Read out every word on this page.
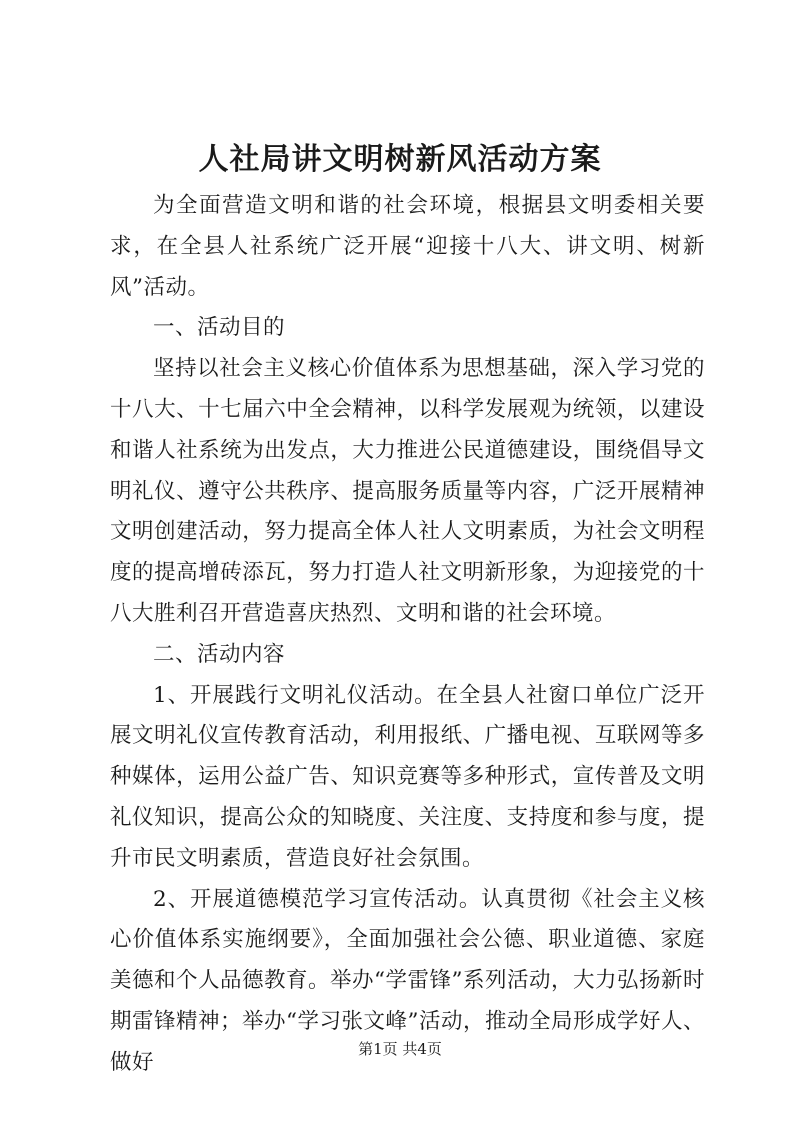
人社局讲文明树新风活动方案

为全面营造文明和谐的社会环境，根据县文明委相关要求，在全县人社系统广泛开展“迎接十八大、讲文明、树新风”活动。

一、活动目的

坚持以社会主义核心价值体系为思想基础，深入学习党的十八大、十七届六中全会精神，以科学发展观为统领，以建设和谐人社系统为出发点，大力推进公民道德建设，围绕倡导文明礼仪、遵守公共秩序、提高服务质量等内容，广泛开展精神文明创建活动，努力提高全体人社人文明素质，为社会文明程度的提高增砖添瓦，努力打造人社文明新形象，为迎接党的十八大胜利召开营造喜庆热烈、文明和谐的社会环境。

二、活动内容

1、开展践行文明礼仪活动。在全县人社窗口单位广泛开展文明礼仪宣传教育活动，利用报纸、广播电视、互联网等多种媒体，运用公益广告、知识竞赛等多种形式，宣传普及文明礼仪知识，提高公众的知晓度、关注度、支持度和参与度，提升市民文明素质，营造良好社会氛围。

2、开展道德模范学习宣传活动。认真贯彻《社会主义核心价值体系实施纲要》，全面加强社会公德、职业道德、家庭美德和个人品德教育。举办“学雷锋”系列活动，大力弘扬新时期雷锋精神；举办“学习张文峰”活动，推动全局形成学好人、做好

第1页 共4页
